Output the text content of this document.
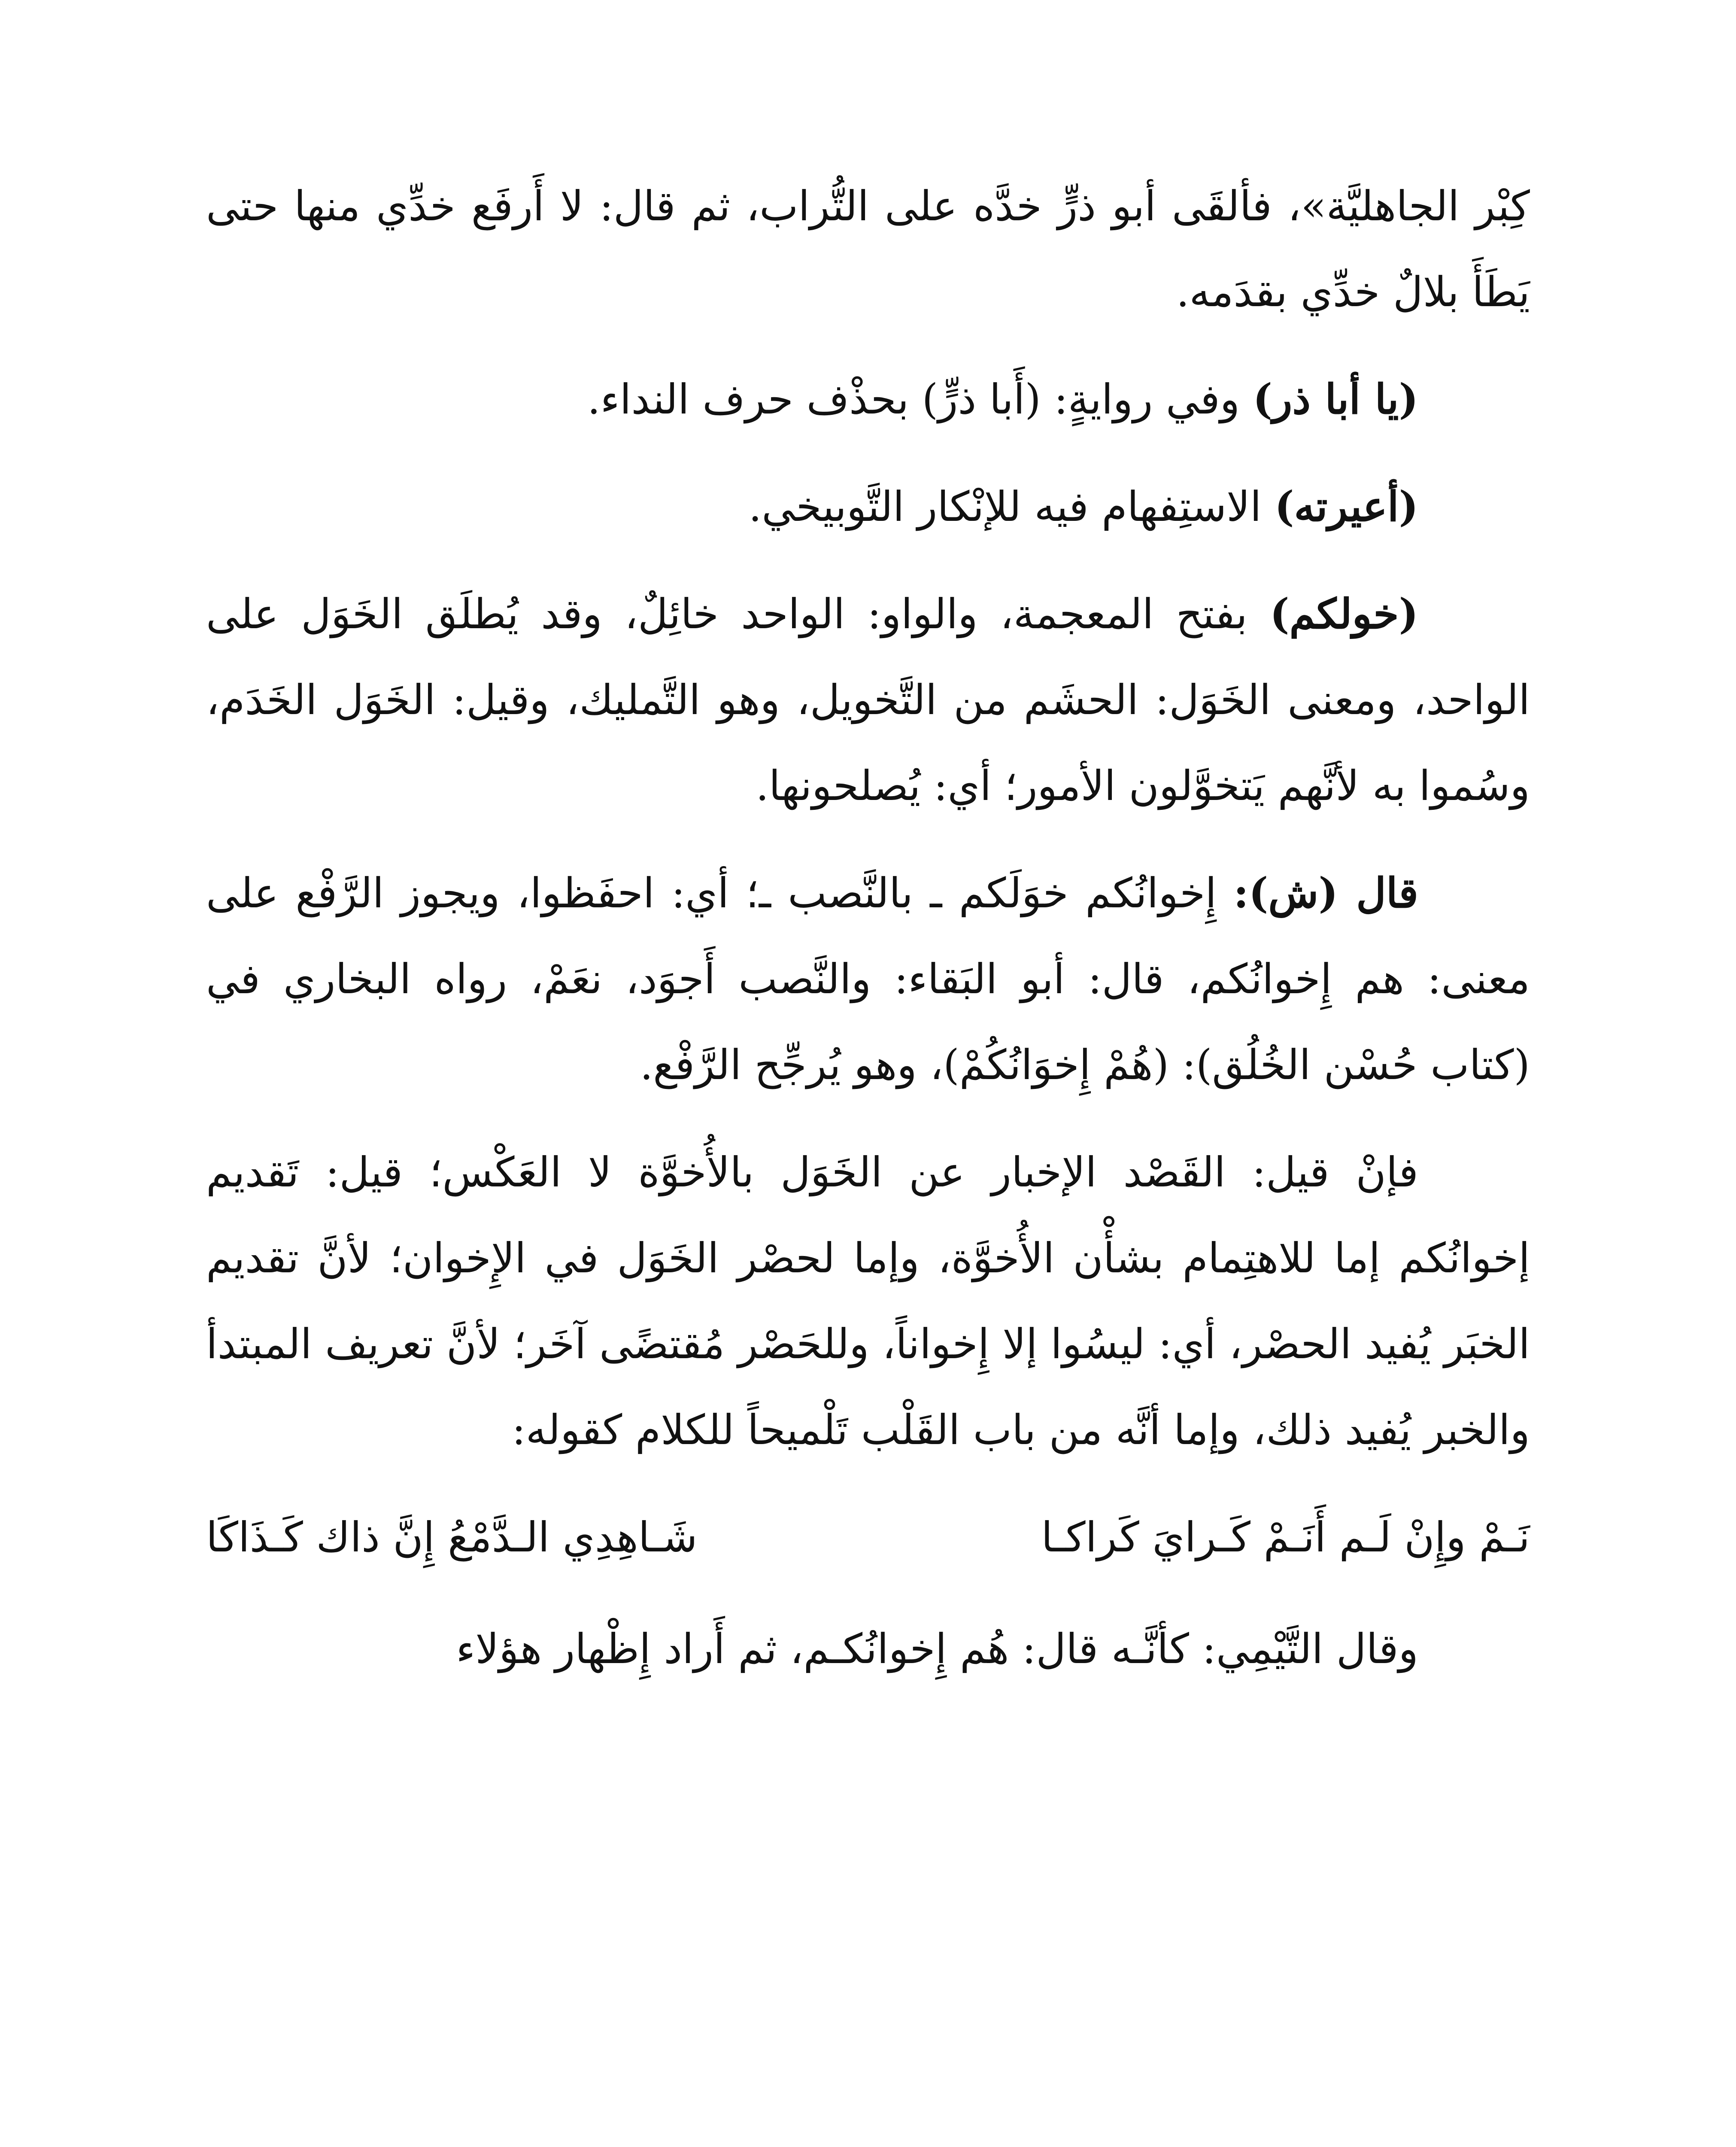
كِبْر الجاهليَّة»، فألقَى أبو ذرٍّ خدَّه على التُّراب، ثم قال: لا أَرفَع خدِّي منها حتى يَطَأَ بلالٌ خدِّي بقدَمه.

(يا أبا ذر) وفي روايةٍ: (أَبا ذرٍّ) بحذْف حرف النداء.

(أعيرته) الاستِفهام فيه للإنْكار التَّوبيخي.

(خولكم) بفتح المعجمة، والواو: الواحد خائِلٌ، وقد يُطلَق الخَوَل على الواحد، ومعنى الخَوَل: الحشَم من التَّخويل، وهو التَّمليك، وقيل: الخَوَل الخَدَم، وسُموا به لأنَّهم يَتخوَّلون الأمور؛ أي: يُصلحونها.

قال (ش): إِخوانُكم خوَلَكم ـ بالنَّصب ـ؛ أي: احفَظوا، ويجوز الرَّفْع على معنى: هم إِخوانُكم، قال: أبو البَقاء: والنَّصب أَجوَد، نعَمْ، رواه البخاري في (كتاب حُسْن الخُلُق): (هُمْ إِخوَانُكُمْ)، وهو يُرجِّح الرَّفْع.

فإنْ قيل: القَصْد الإخبار عن الخَوَل بالأُخوَّة لا العَكْس؛ قيل: تَقديم إخوانُكم إما للاهتِمام بشأْن الأُخوَّة، وإما لحصْر الخَوَل في الإِخوان؛ لأنَّ تقديم الخبَر يُفيد الحصْر، أي: ليسُوا إلا إِخواناً، وللحَصْر مُقتضًى آخَر؛ لأنَّ تعريف المبتدأ والخبر يُفيد ذلك، وإما أنَّه من باب القَلْب تَلْميحاً للكلام كقوله:

نَـمْ وإِنْ لَـم أَنَـمْ كَـرايَ كَراكـا
شَـاهِدِي الـدَّمْعُ إِنَّ ذاك كَـذَاكَا

وقال التَّيْمِي: كأنَّـه قال: هُم إِخوانُكـم، ثم أَراد إِظْهار هؤلاء
